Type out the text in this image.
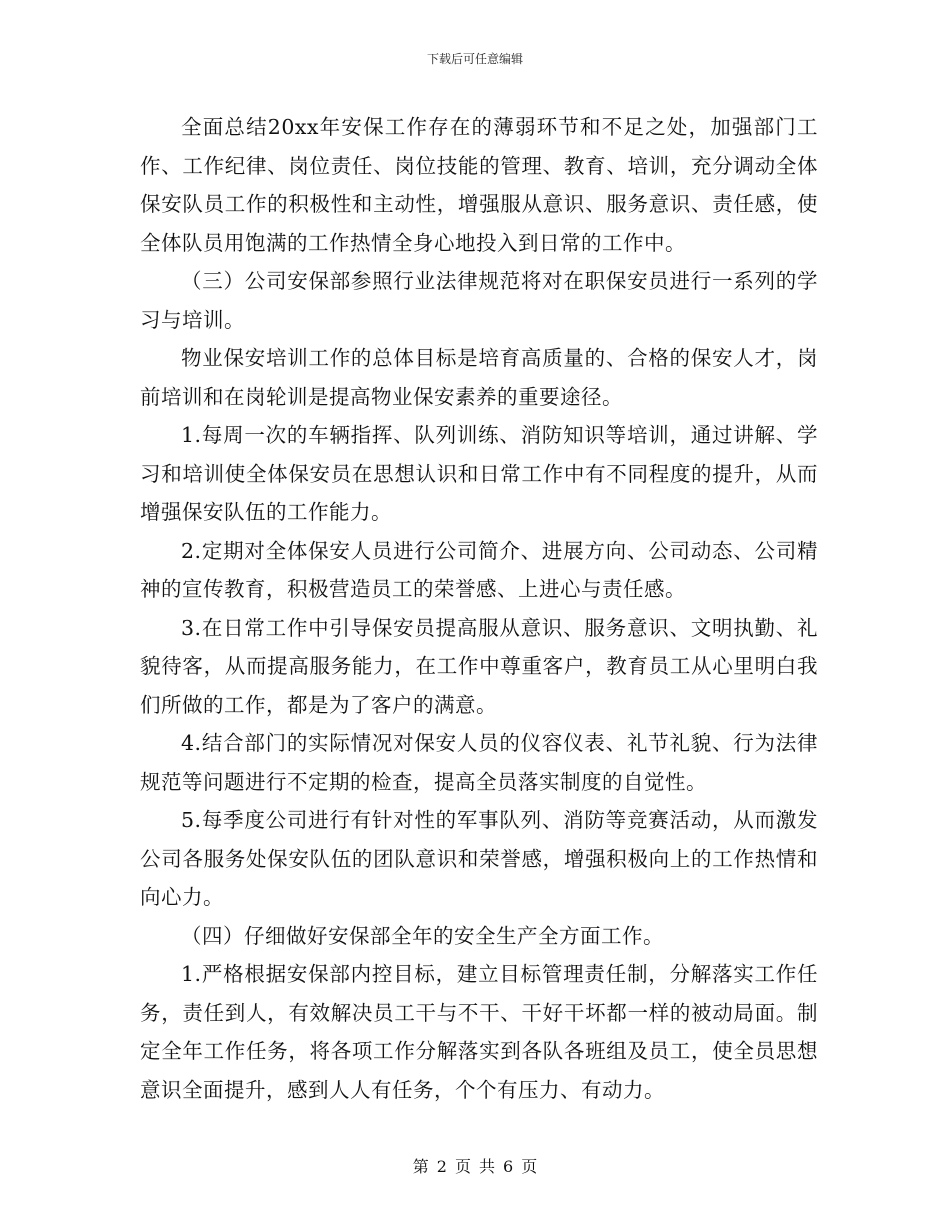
下载后可任意编辑

全面总结20xx年安保工作存在的薄弱环节和不足之处，加强部门工作、工作纪律、岗位责任、岗位技能的管理、教育、培训，充分调动全体保安队员工作的积极性和主动性，增强服从意识、服务意识、责任感，使全体队员用饱满的工作热情全身心地投入到日常的工作中。

（三）公司安保部参照行业法律规范将对在职保安员进行一系列的学习与培训。

物业保安培训工作的总体目标是培育高质量的、合格的保安人才，岗前培训和在岗轮训是提高物业保安素养的重要途径。

1.每周一次的车辆指挥、队列训练、消防知识等培训，通过讲解、学习和培训使全体保安员在思想认识和日常工作中有不同程度的提升，从而增强保安队伍的工作能力。

2.定期对全体保安人员进行公司简介、进展方向、公司动态、公司精神的宣传教育，积极营造员工的荣誉感、上进心与责任感。

3.在日常工作中引导保安员提高服从意识、服务意识、文明执勤、礼貌待客，从而提高服务能力，在工作中尊重客户，教育员工从心里明白我们所做的工作，都是为了客户的满意。

4.结合部门的实际情况对保安人员的仪容仪表、礼节礼貌、行为法律规范等问题进行不定期的检查，提高全员落实制度的自觉性。

5.每季度公司进行有针对性的军事队列、消防等竞赛活动，从而激发公司各服务处保安队伍的团队意识和荣誉感，增强积极向上的工作热情和向心力。

（四）仔细做好安保部全年的安全生产全方面工作。

1.严格根据安保部内控目标，建立目标管理责任制，分解落实工作任务，责任到人，有效解决员工干与不干、干好干坏都一样的被动局面。制定全年工作任务，将各项工作分解落实到各队各班组及员工，使全员思想意识全面提升，感到人人有任务，个个有压力、有动力。

第 2 页 共 6 页
